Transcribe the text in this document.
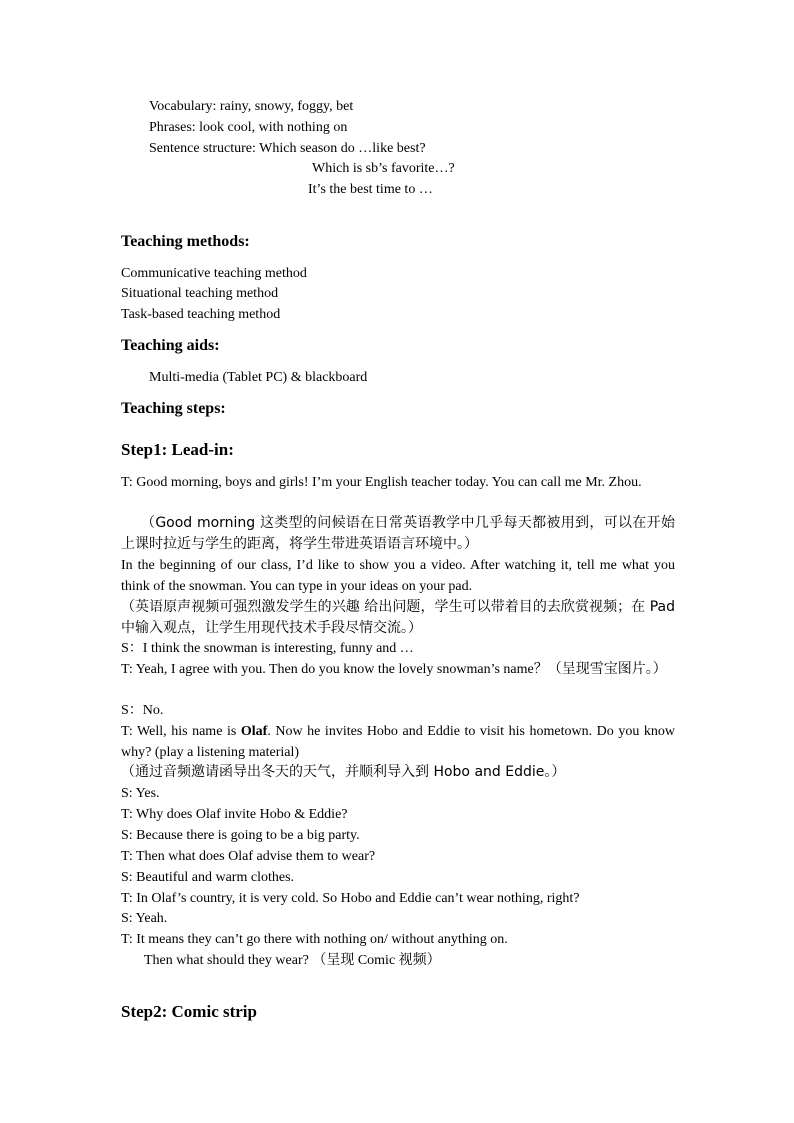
Vocabulary: rainy, snowy, foggy, bet
Phrases: look cool, with nothing on
Sentence structure: Which season do …like best?
Which is sb’s favorite…?
It’s the best time to …
Teaching methods:
Communicative teaching method
Situational teaching method
Task-based teaching method
Teaching aids:
Multi-media (Tablet PC) & blackboard
Teaching steps:
Step1: Lead-in:
T: Good morning, boys and girls! I’m your English teacher today. You can call me Mr. Zhou.
（Good morning 这类型的问候语在日常英语教学中几乎每天都被用到，可以在开始上课时拉近与学生的距离，将学生带进英语语言环境中。）
In the beginning of our class, I’d like to show you a video. After watching it, tell me what you think of the snowman. You can type in your ideas on your pad.
（英语原声视频可强烈激发学生的兴趣 给出问题，学生可以带着目的去欣赏视频；在 Pad 中输入观点，让学生用现代技术手段尽情交流。）
S：I think the snowman is interesting, funny and …
T: Yeah, I agree with you. Then do you know the lovely snowman’s name？（呈现雪宝图片。）
S：No.
T: Well, his name is Olaf. Now he invites Hobo and Eddie to visit his hometown. Do you know why? (play a listening material)
（通过音频邀请函导出冬天的天气，并顺利导入到 Hobo and Eddie。）
S: Yes.
T: Why does Olaf invite Hobo & Eddie?
S: Because there is going to be a big party.
T: Then what does Olaf advise them to wear?
S: Beautiful and warm clothes.
T: In Olaf’s country, it is very cold. So Hobo and Eddie can’t wear nothing, right?
S: Yeah.
T: It means they can’t go there with nothing on/ without anything on.
Then what should they wear? （呈现 Comic 视频）
Step2: Comic strip
